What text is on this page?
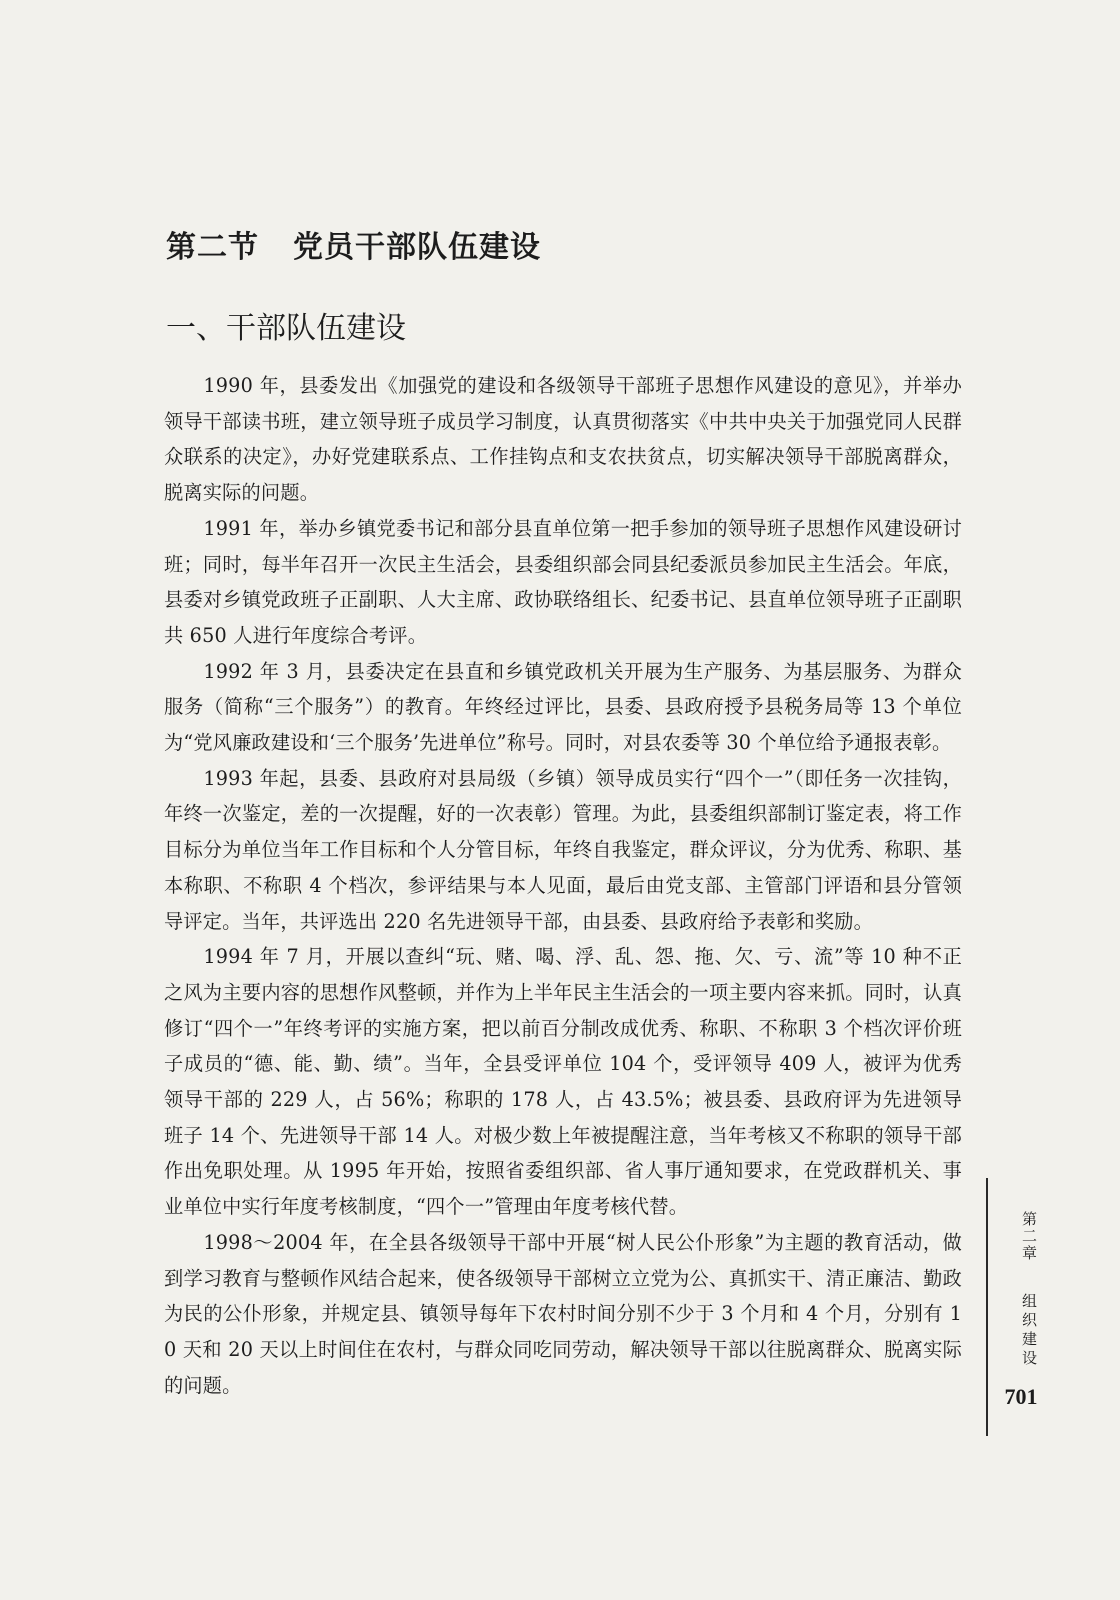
第二节 党员干部队伍建设
一、干部队伍建设

1990 年，县委发出《加强党的建设和各级领导干部班子思想作风建设的意见》，并举办领导干部读书班，建立领导班子成员学习制度，认真贯彻落实《中共中央关于加强党同人民群众联系的决定》，办好党建联系点、工作挂钩点和支农扶贫点，切实解决领导干部脱离群众，脱离实际的问题。

1991 年，举办乡镇党委书记和部分县直单位第一把手参加的领导班子思想作风建设研讨班；同时，每半年召开一次民主生活会，县委组织部会同县纪委派员参加民主生活会。年底，县委对乡镇党政班子正副职、人大主席、政协联络组长、纪委书记、县直单位领导班子正副职共 650 人进行年度综合考评。

1992 年 3 月，县委决定在县直和乡镇党政机关开展为生产服务、为基层服务、为群众服务（简称“三个服务”）的教育。年终经过评比，县委、县政府授予县税务局等 13 个单位为“党风廉政建设和‘三个服务’先进单位”称号。同时，对县农委等 30 个单位给予通报表彰。

1993 年起，县委、县政府对县局级（乡镇）领导成员实行“四个一”（即任务一次挂钩，年终一次鉴定，差的一次提醒，好的一次表彰）管理。为此，县委组织部制订鉴定表，将工作目标分为单位当年工作目标和个人分管目标，年终自我鉴定，群众评议，分为优秀、称职、基本称职、不称职 4 个档次，参评结果与本人见面，最后由党支部、主管部门评语和县分管领导评定。当年，共评选出 220 名先进领导干部，由县委、县政府给予表彰和奖励。

1994 年 7 月，开展以查纠“玩、赌、喝、浮、乱、怨、拖、欠、亏、流”等 10 种不正之风为主要内容的思想作风整顿，并作为上半年民主生活会的一项主要内容来抓。同时，认真修订“四个一”年终考评的实施方案，把以前百分制改成优秀、称职、不称职 3 个档次评价班子成员的“德、能、勤、绩”。当年，全县受评单位 104 个，受评领导 409 人，被评为优秀领导干部的 229 人，占 56%；称职的 178 人，占 43.5%；被县委、县政府评为先进领导班子 14 个、先进领导干部 14 人。对极少数上年被提醒注意，当年考核又不称职的领导干部作出免职处理。从 1995 年开始，按照省委组织部、省人事厅通知要求，在党政群机关、事业单位中实行年度考核制度，“四个一”管理由年度考核代替。

1998～2004 年，在全县各级领导干部中开展“树人民公仆形象”为主题的教育活动，做到学习教育与整顿作风结合起来，使各级领导干部树立立党为公、真抓实干、清正廉洁、勤政为民的公仆形象，并规定县、镇领导每年下农村时间分别不少于 3 个月和 4 个月，分别有 10 天和 20 天以上时间住在农村，与群众同吃同劳动，解决领导干部以往脱离群众、脱离实际的问题。

第二章
组织建设
701
